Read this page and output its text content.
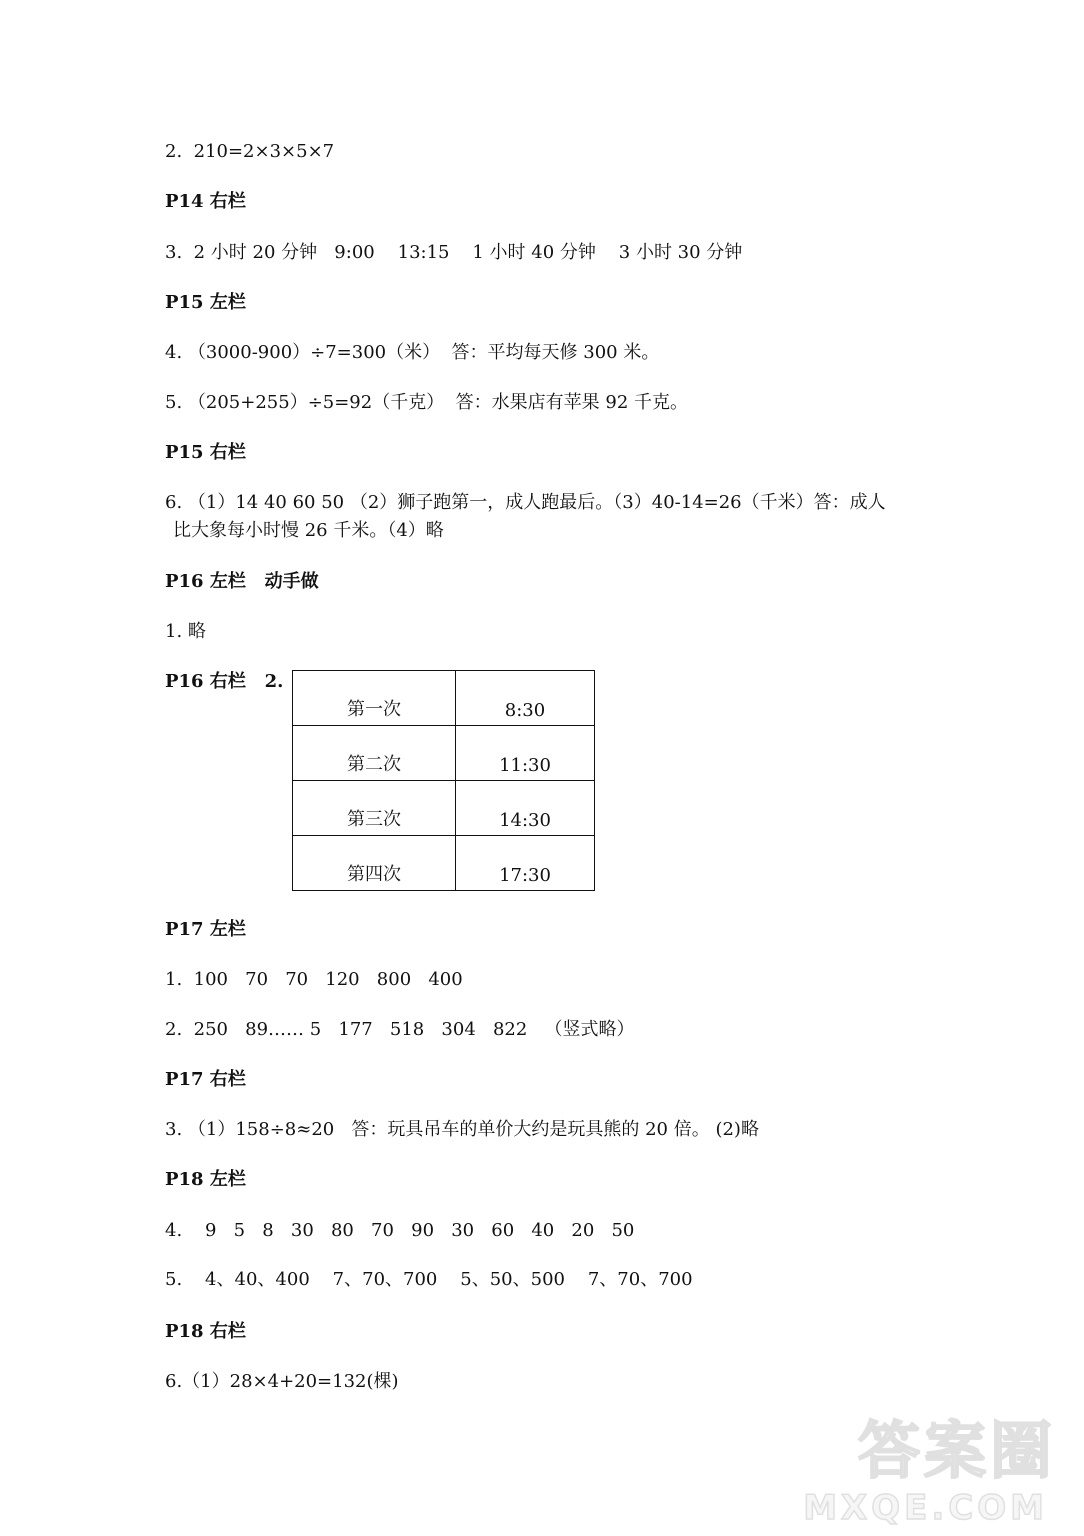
2.  210=2×3×5×7
P14 右栏
3.  2 小时 20 分钟   9:00    13:15    1 小时 40 分钟    3 小时 30 分钟
P15 左栏
4. （3000-900）÷7=300（米）  答：平均每天修 300 米。
5. （205+255）÷5=92（千克）  答：水果店有苹果 92 千克。
P15 右栏
6. （1）14 40 60 50 （2）狮子跑第一，成人跑最后。（3）40-14=26（千米）答：成人
比大象每小时慢 26 千米。（4）略
P16 左栏   动手做
1. 略
P16 右栏   2.
第一次	8:30
第二次	11:30
第三次	14:30
第四次	17:30
P17 左栏
1.  100   70   70   120   800   400
2.  250   89…… 5   177   518   304   822   （竖式略）
P17 右栏
3. （1）158÷8≈20   答：玩具吊车的单价大约是玩具熊的 20 倍。 (2)略
P18 左栏
4.    9   5   8   30   80   70   90   30   60   40   20   50
5.    4、40、400    7、70、700    5、50、500    7、70、700
P18 右栏
6.（1）28×4+20=132(棵)
答案圈
MXQE.COM
